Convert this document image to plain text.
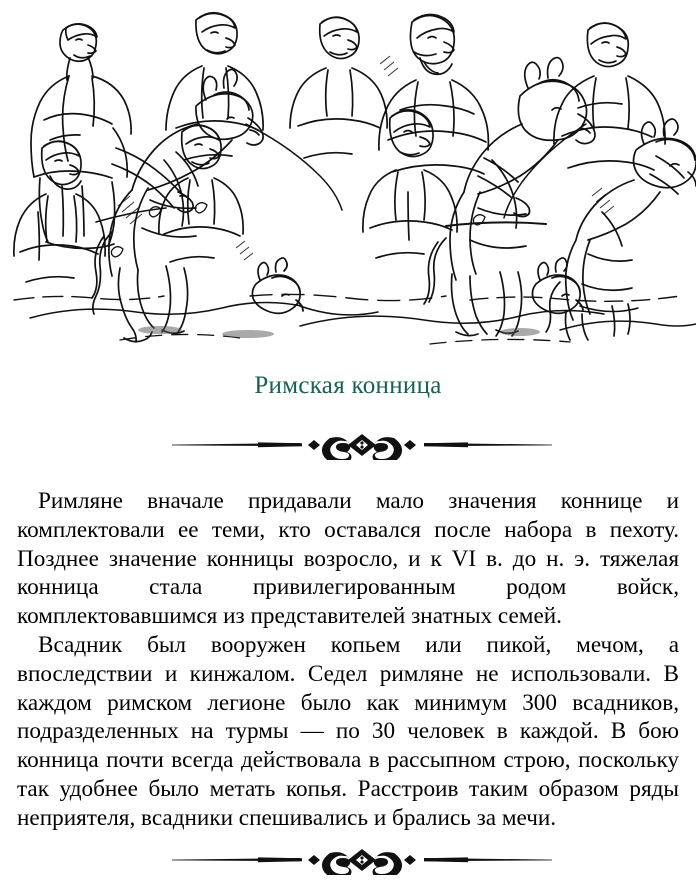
Римская конница

Римляне вначале придавали мало значения коннице и комплектовали ее теми, кто оставался после набора в пехоту. Позднее значение конницы возросло, и к VI в. до н. э. тяжелая конница стала привилегированным родом войск, комплектовавшимся из представителей знатных семей.

Всадник был вооружен копьем или пикой, мечом, а впоследствии и кинжалом. Седел римляне не использовали. В каждом римском легионе было как минимум 300 всадников, подразделенных на турмы — по 30 человек в каждой. В бою конница почти всегда действовала в рассыпном строю, поскольку так удобнее было метать копья. Расстроив таким образом ряды неприятеля, всадники спешивались и брались за мечи.
